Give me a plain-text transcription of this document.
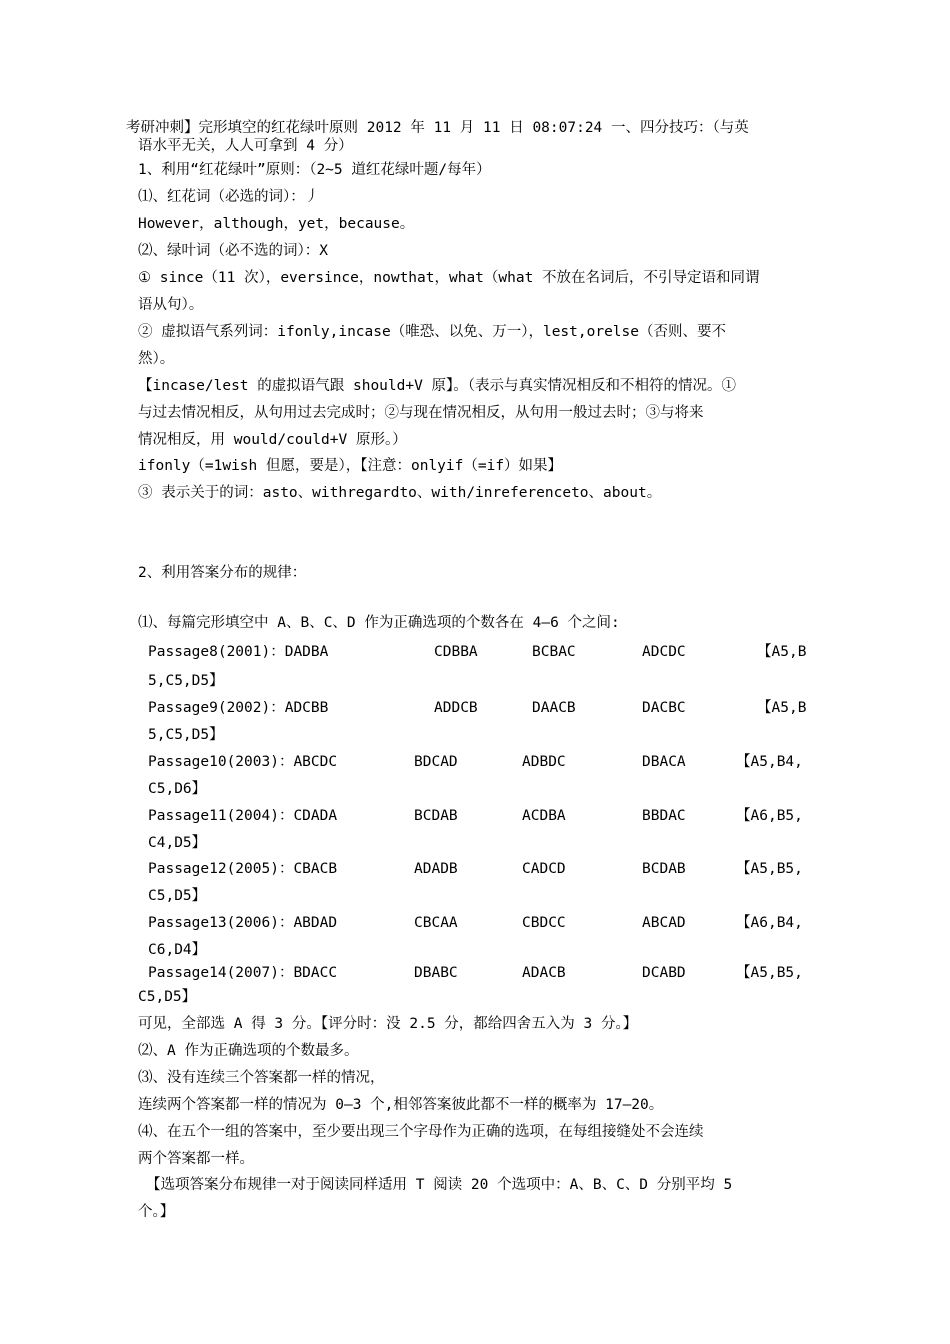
考研冲刺】完形填空的红花绿叶原则 2012 年 11 月 11 日 08:07:24 一、四分技巧：（与英
语水平无关，人人可拿到 4 分）
1、利用“红花绿叶”原则：（2~5 道红花绿叶题/每年）
⑴、红花词（必选的词）：丿
However，although，yet，because。
⑵、绿叶词（必不选的词）：X
① since（11 次），eversince，nowthat，what（what 不放在名词后，不引导定语和同谓
语从句）。
② 虚拟语气系列词：ifonly,incase（唯恐、以免、万一），lest,orelse（否则、要不
然）。
【incase/lest 的虚拟语气跟 should+V 原】。（表示与真实情况相反和不相符的情况。①
与过去情况相反，从句用过去完成时；②与现在情况相反，从句用一般过去时；③与将来
情况相反，用 would/could+V 原形。）
ifonly（=1wish 但愿，要是），【注意：onlyif（=if）如果】
③ 表示关于的词：asto、withregardto、with/inreferenceto、about。
2、利用答案分布的规律：
⑴、每篇完形填空中 A、B、C、D 作为正确选项的个数各在 4—6 个之间:
Passage8(2001)：DADBA	CDBBA	BCBAC	ADCDC	【A5,B
5,C5,D5】
Passage9(2002)：ADCBB	ADDCB	DAACB	DACBC	【A5,B
5,C5,D5】
Passage10(2003)：ABCDC	BDCAD	ADBDC	DBACA	【A5,B4,
C5,D6】
Passage11(2004)：CDADA	BCDAB	ACDBA	BBDAC	【A6,B5,
C4,D5】
Passage12(2005)：CBACB	ADADB	CADCD	BCDAB	【A5,B5,
C5,D5】
Passage13(2006)：ABDAD	CBCAA	CBDCC	ABCAD	【A6,B4,
C6,D4】
Passage14(2007)：BDACC	DBABC	ADACB	DCABD	【A5,B5,
C5,D5】
可见，全部选 A 得 3 分。【评分时：没 2.5 分，都给四舍五入为 3 分。】
⑵、A 作为正确选项的个数最多。
⑶、没有连续三个答案都一样的情况，
连续两个答案都一样的情况为 0—3 个,相邻答案彼此都不一样的概率为 17—20。
⑷、在五个一组的答案中，至少要出现三个字母作为正确的选项，在每组接缝处不会连续
两个答案都一样。
【选项答案分布规律一对于阅读同样适用 T 阅读 20 个选项中：A、B、C、D 分别平均 5
个。】
